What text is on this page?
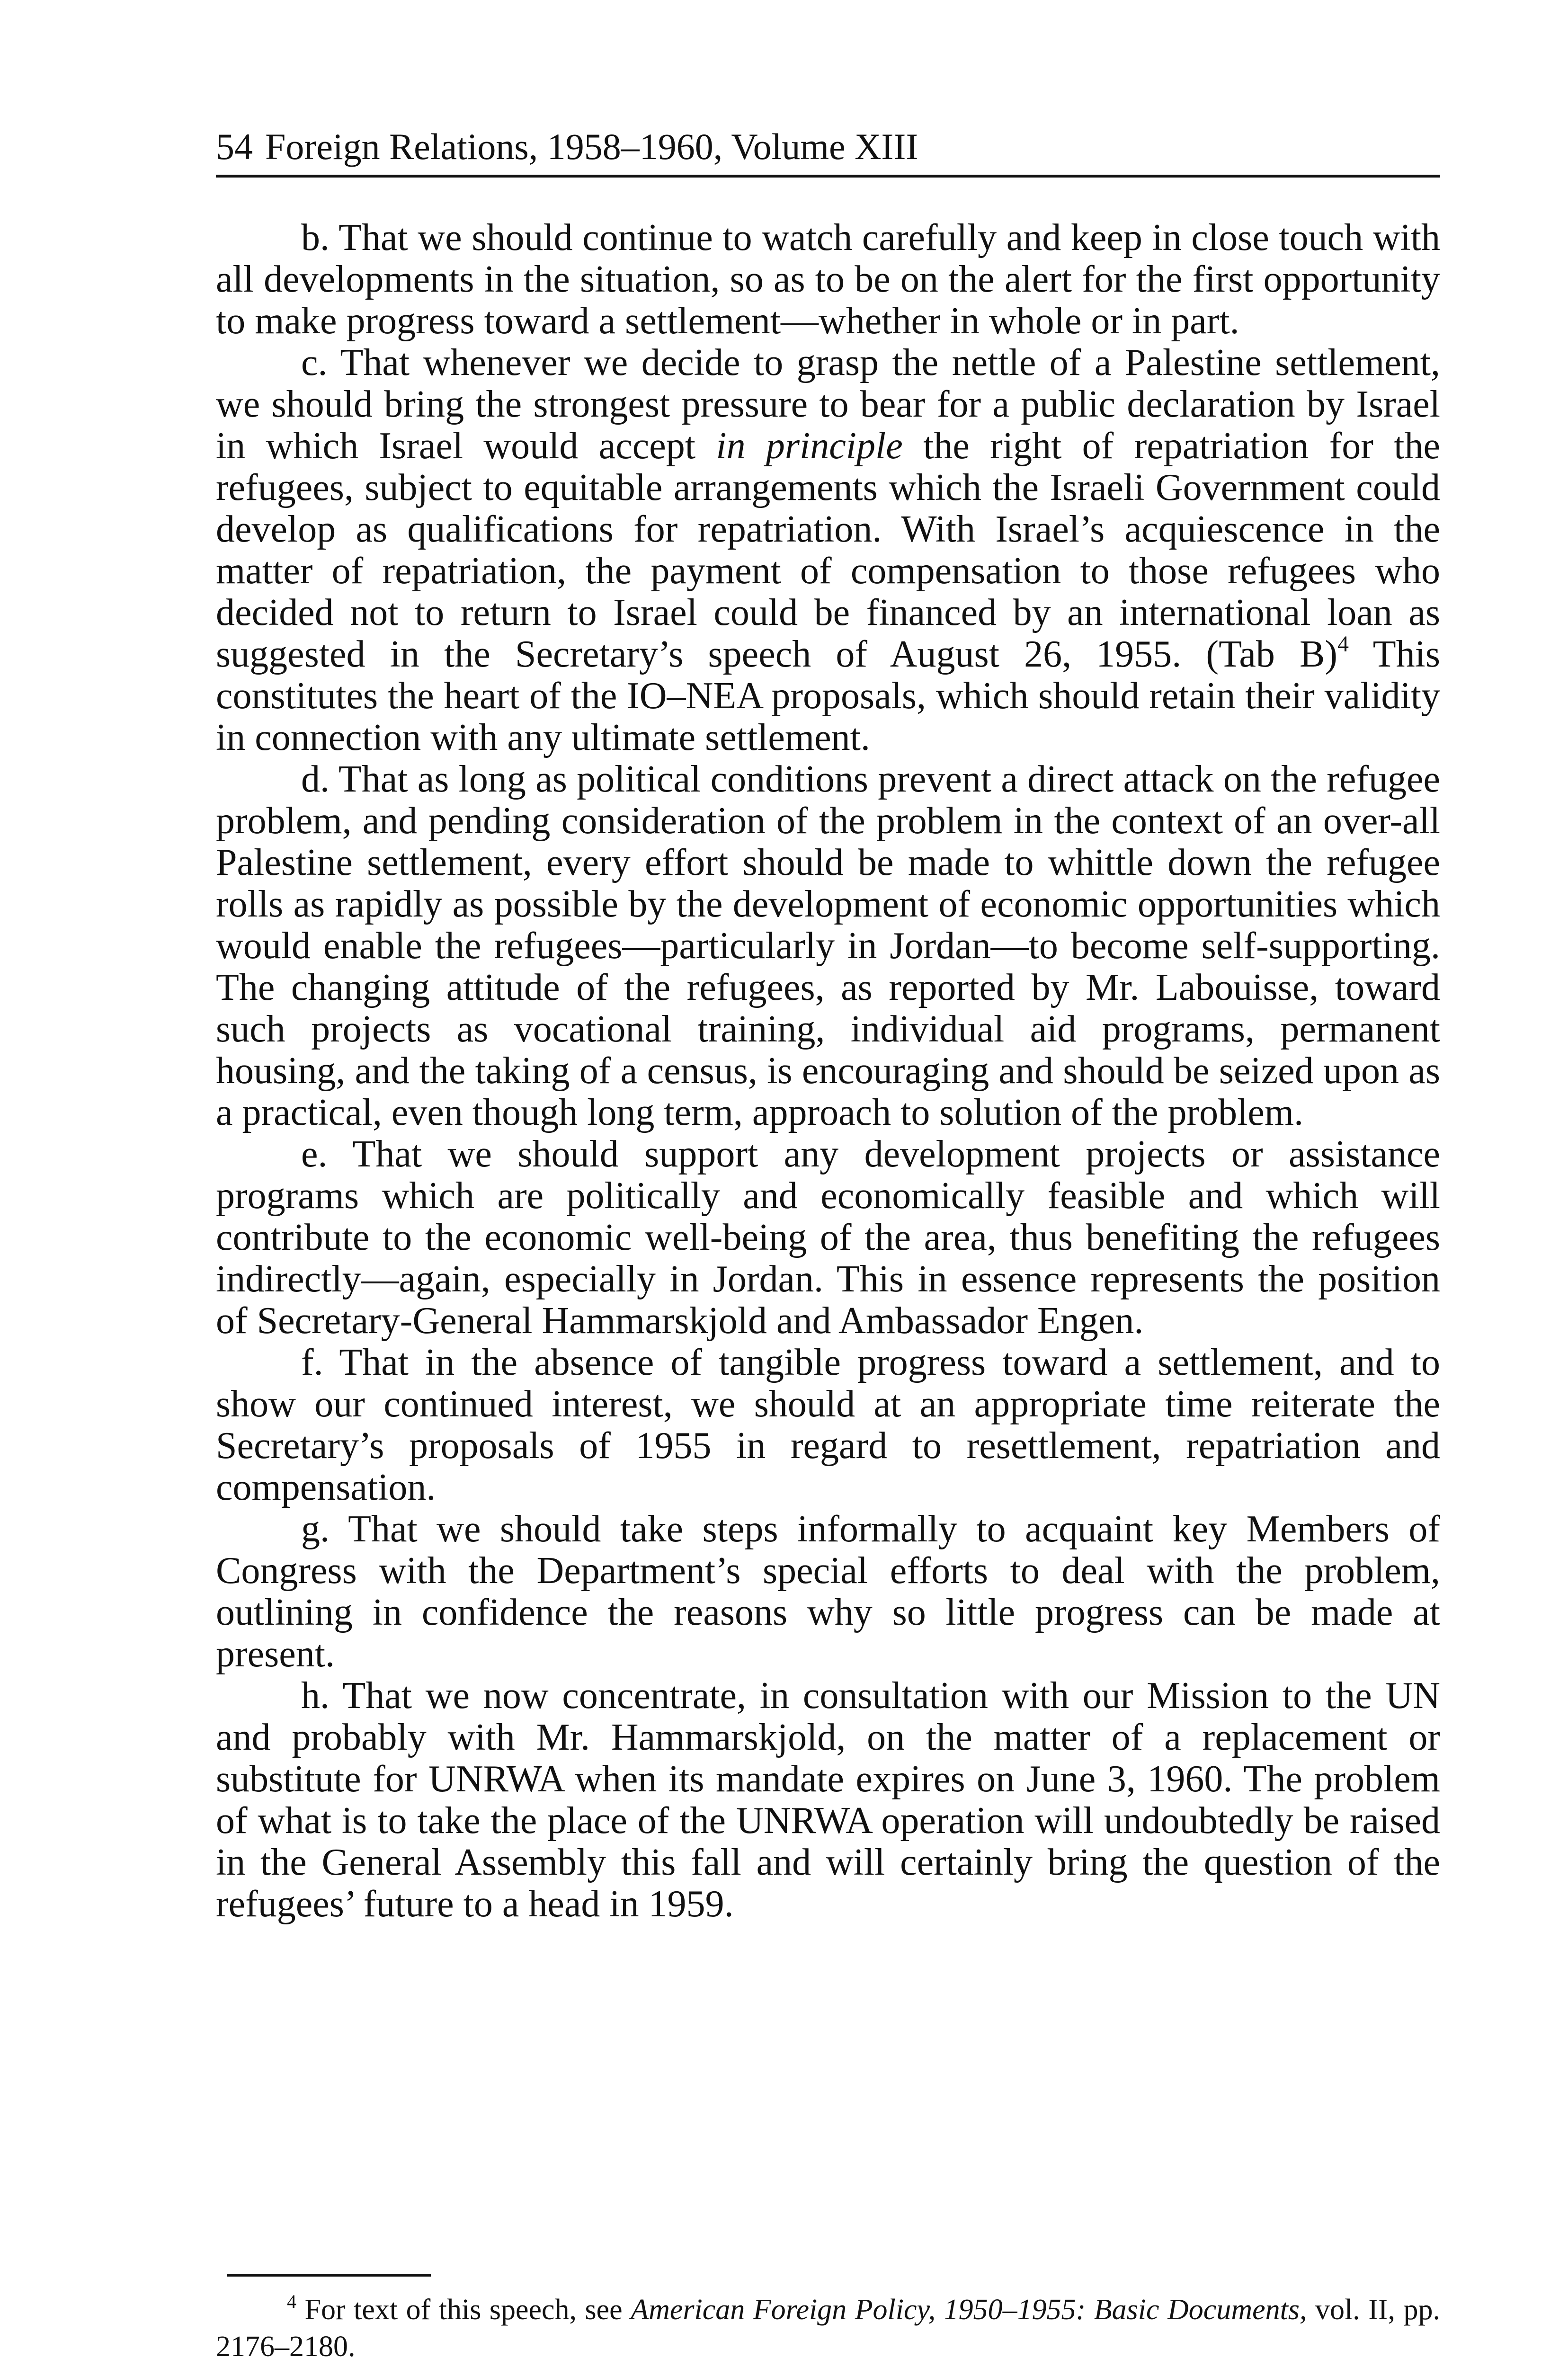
54 Foreign Relations, 1958–1960, Volume XIII

b. That we should continue to watch carefully and keep in close touch with all developments in the situation, so as to be on the alert for the first opportunity to make progress toward a settlement—whether in whole or in part.

c. That whenever we decide to grasp the nettle of a Palestine settlement, we should bring the strongest pressure to bear for a public declaration by Israel in which Israel would accept in principle the right of repatriation for the refugees, subject to equitable arrangements which the Israeli Government could develop as qualifications for repatriation. With Israel’s acquiescence in the matter of repatriation, the payment of compensation to those refugees who decided not to return to Israel could be financed by an international loan as suggested in the Secretary’s speech of August 26, 1955. (Tab B)$^4$ This constitutes the heart of the IO–NEA proposals, which should retain their validity in connection with any ultimate settlement.

d. That as long as political conditions prevent a direct attack on the refugee problem, and pending consideration of the problem in the context of an over-all Palestine settlement, every effort should be made to whittle down the refugee rolls as rapidly as possible by the development of economic opportunities which would enable the refugees—particularly in Jordan—to become self-supporting. The changing attitude of the refugees, as reported by Mr. Labouisse, toward such projects as vocational training, individual aid programs, permanent housing, and the taking of a census, is encouraging and should be seized upon as a practical, even though long term, approach to solution of the problem.

e. That we should support any development projects or assistance programs which are politically and economically feasible and which will contribute to the economic well-being of the area, thus benefiting the refugees indirectly—again, especially in Jordan. This in essence represents the position of Secretary-General Hammarskjold and Ambassador Engen.

f. That in the absence of tangible progress toward a settlement, and to show our continued interest, we should at an appropriate time reiterate the Secretary’s proposals of 1955 in regard to resettlement, repatriation and compensation.

g. That we should take steps informally to acquaint key Members of Congress with the Department’s special efforts to deal with the problem, outlining in confidence the reasons why so little progress can be made at present.

h. That we now concentrate, in consultation with our Mission to the UN and probably with Mr. Hammarskjold, on the matter of a replacement or substitute for UNRWA when its mandate expires on June 3, 1960. The problem of what is to take the place of the UNRWA operation will undoubtedly be raised in the General Assembly this fall and will certainly bring the question of the refugees’ future to a head in 1959.

$^4$ For text of this speech, see American Foreign Policy, 1950–1955: Basic Documents, vol. II, pp. 2176–2180.
